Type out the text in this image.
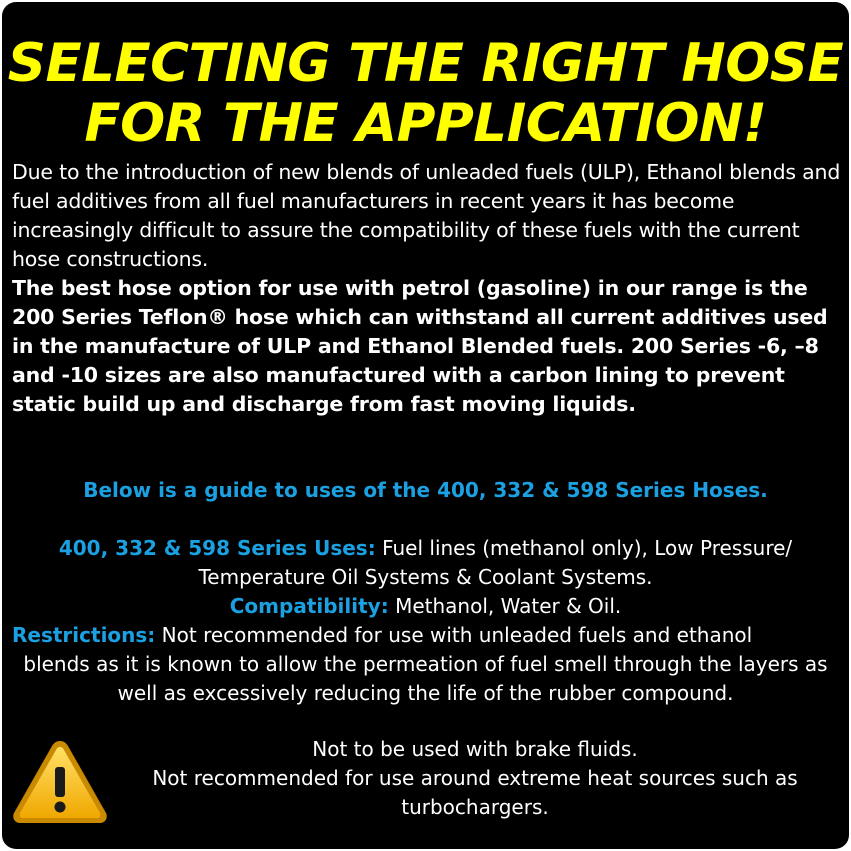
SELECTING THE RIGHT HOSE
FOR THE APPLICATION!

Due to the introduction of new blends of unleaded fuels (ULP), Ethanol blends and fuel additives from all fuel manufacturers in recent years it has become increasingly difficult to assure the compatibility of these fuels with the current hose constructions.

The best hose option for use with petrol (gasoline) in our range is the 200 Series Teflon® hose which can withstand all current additives used in the manufacture of ULP and Ethanol Blended fuels. 200 Series -6, –8 and -10 sizes are also manufactured with a carbon lining to prevent static build up and discharge from fast moving liquids.

Below is a guide to uses of the 400, 332 & 598 Series Hoses.

400, 332 & 598 Series Uses: Fuel lines (methanol only), Low Pressure/ Temperature Oil Systems & Coolant Systems.

Compatibility: Methanol, Water & Oil.

Restrictions: Not recommended for use with unleaded fuels and ethanol

blends as it is known to allow the permeation of fuel smell through the layers as well as excessively reducing the life of the rubber compound.

Not to be used with brake fluids.

Not recommended for use around extreme heat sources such as turbochargers.
